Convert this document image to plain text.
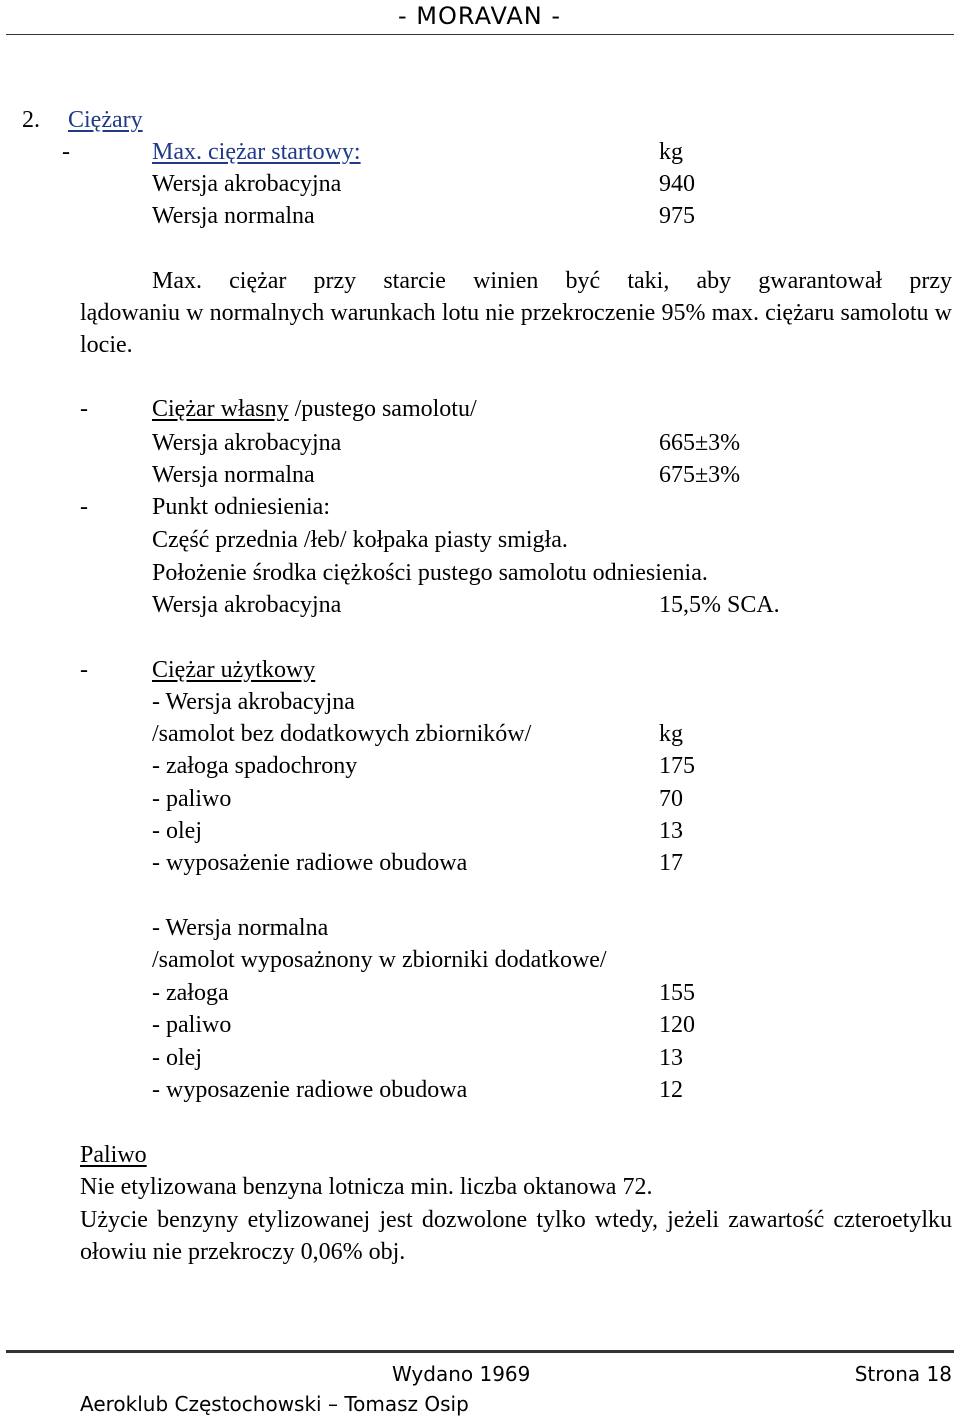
- MORAVAN -
2. Ciężary
-	Max. ciężar startowy:	kg
Wersja akrobacyjna	940
Wersja normalna	975
Max. ciężar przy starcie winien być taki, aby gwarantował przy
lądowaniu w normalnych warunkach lotu nie przekroczenie 95% max. ciężaru samolotu w locie.
-	Ciężar własny /pustego samolotu/
Wersja akrobacyjna	665±3%
Wersja normalna	675±3%
-	Punkt odniesienia:
Część przednia /łeb/ kołpaka piasty smigła.
Położenie środka ciężkości pustego samolotu odniesienia.
Wersja akrobacyjna	15,5% SCA.
-	Ciężar użytkowy
- Wersja akrobacyjna
/samolot bez dodatkowych zbiorników/	kg
- załoga spadochrony	175
- paliwo	70
- olej	13
- wyposażenie radiowe obudowa	17
- Wersja normalna
/samolot wyposażnony w zbiorniki dodatkowe/
- załoga	155
- paliwo	120
- olej	13
- wyposazenie radiowe obudowa	12
Paliwo
Nie etylizowana benzyna lotnicza min. liczba oktanowa 72.
Użycie benzyny etylizowanej jest dozwolone tylko wtedy, jeżeli zawartość czteroetylku ołowiu nie przekroczy 0,06% obj.
Wydano 1969	Strona 18
Aeroklub Częstochowski – Tomasz Osip
